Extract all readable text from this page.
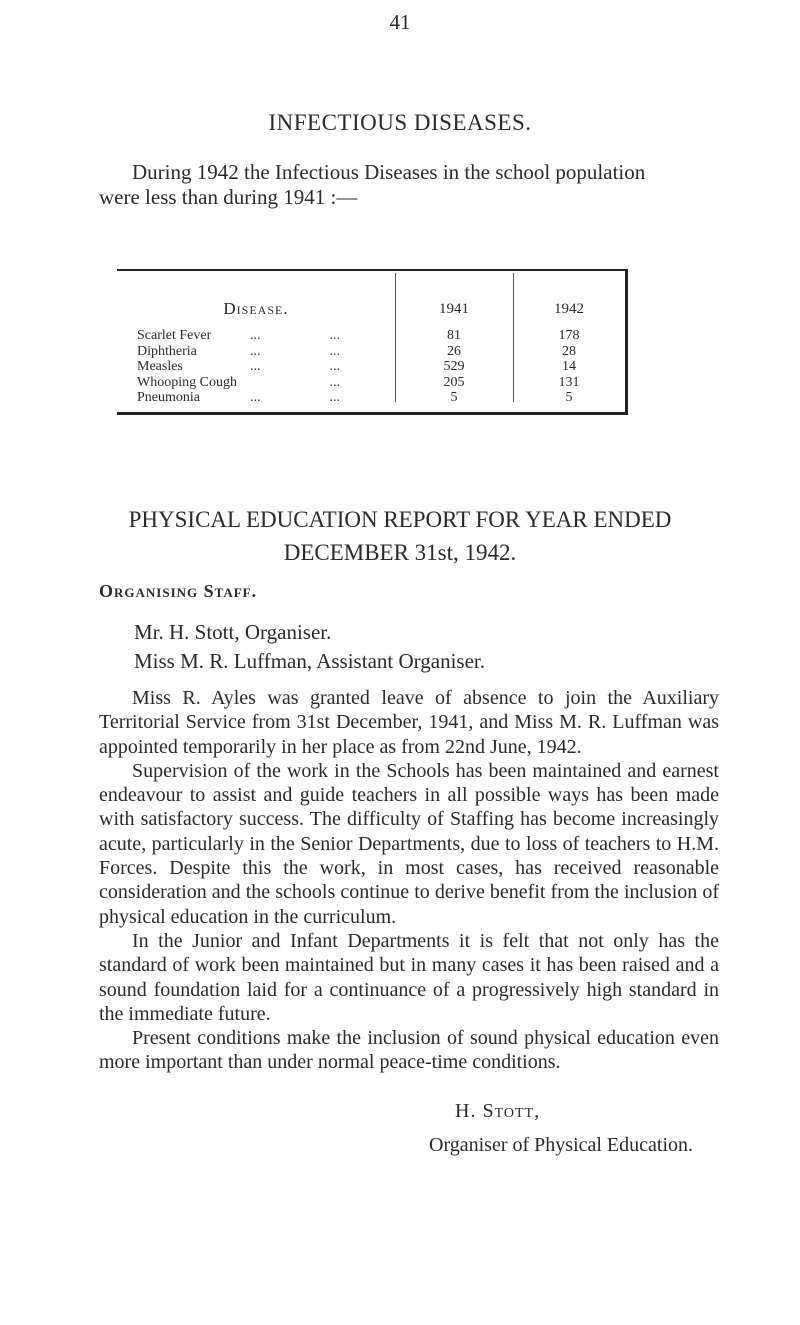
41
INFECTIOUS DISEASES.
During 1942 the Infectious Diseases in the school population
were less than during 1941 :—
Disease.	1941	1942
Scarlet Fever	...	...	81	178
Diphtheria	...	...	26	28
Measles	...	...	529	14
Whooping Cough	...	205	131
Pneumonia	...	...	5	5
PHYSICAL EDUCATION REPORT FOR YEAR ENDED
DECEMBER 31st, 1942.
Organising Staff.
Mr. H. Stott, Organiser.
Miss M. R. Luffman, Assistant Organiser.

Miss R. Ayles was granted leave of absence to join the Auxiliary Territorial Service from 31st December, 1941, and Miss M. R. Luffman was appointed temporarily in her place as from 22nd June, 1942.

Supervision of the work in the Schools has been maintained and earnest endeavour to assist and guide teachers in all possible ways has been made with satisfactory success. The difficulty of Staffing has become increasingly acute, particularly in the Senior Departments, due to loss of teachers to H.M. Forces. Despite this the work, in most cases, has received reasonable consideration and the schools continue to derive benefit from the inclusion of physical education in the curriculum.

In the Junior and Infant Departments it is felt that not only has the standard of work been maintained but in many cases it has been raised and a sound foundation laid for a continuance of a progressively high standard in the immediate future.

Present conditions make the inclusion of sound physical education even more important than under normal peace-time conditions.

H. Stott,
Organiser of Physical Education.
